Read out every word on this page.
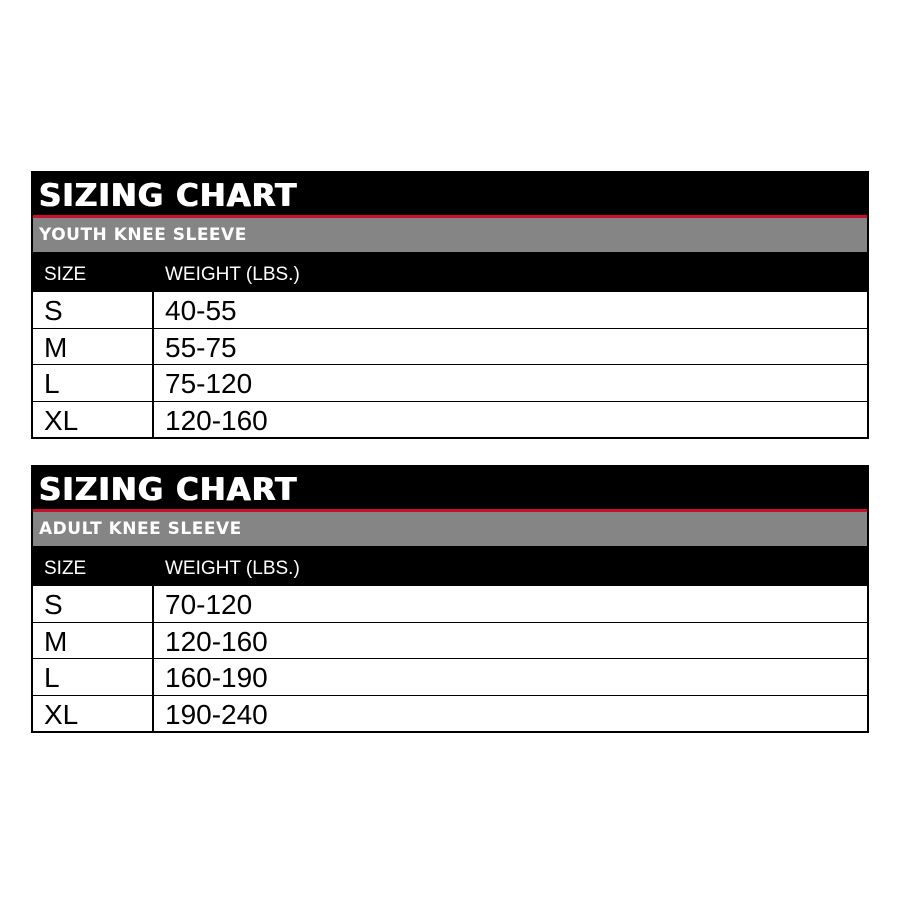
SIZING CHART
YOUTH KNEE SLEEVE
SIZE	WEIGHT (LBS.)
S	40-55
M	55-75
L	75-120
XL	120-160
SIZING CHART
ADULT KNEE SLEEVE
SIZE	WEIGHT (LBS.)
S	70-120
M	120-160
L	160-190
XL	190-240
